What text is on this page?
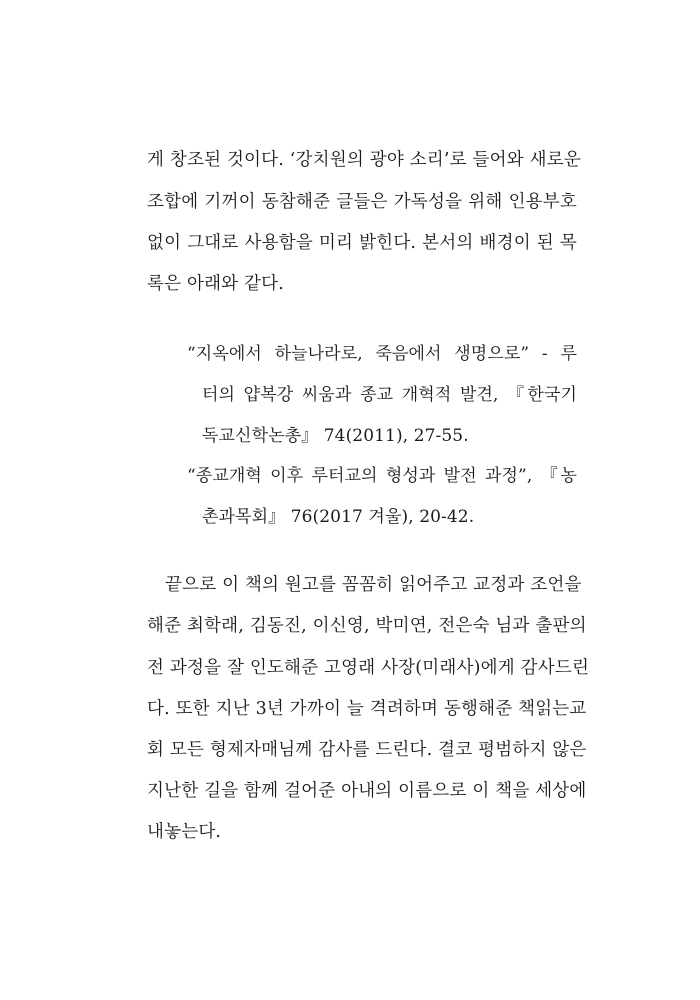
게 창조된 것이다. ‘강치원의 광야 소리’로 들어와 새로운
조합에 기꺼이 동참해준 글들은 가독성을 위해 인용부호
없이 그대로 사용함을 미리 밝힌다. 본서의 배경이 된 목
록은 아래와 같다.
“지옥에서 하늘나라로, 죽음에서 생명으로” - 루
터의 얍복강 씨움과 종교 개혁적 발견, 『한국기
독교신학논총』 74(2011), 27-55.
“종교개혁 이후 루터교의 형성과 발전 과정”, 『농
촌과목회』 76(2017 겨울), 20-42.
끝으로 이 책의 원고를 꼼꼼히 읽어주고 교정과 조언을
해준 최학래, 김동진, 이신영, 박미연, 전은숙 님과 출판의
전 과정을 잘 인도해준 고영래 사장(미래사)에게 감사드린
다. 또한 지난 3년 가까이 늘 격려하며 동행해준 책읽는교
회 모든 형제자매님께 감사를 드린다. 결코 평범하지 않은
지난한 길을 함께 걸어준 아내의 이름으로 이 책을 세상에
내놓는다.
